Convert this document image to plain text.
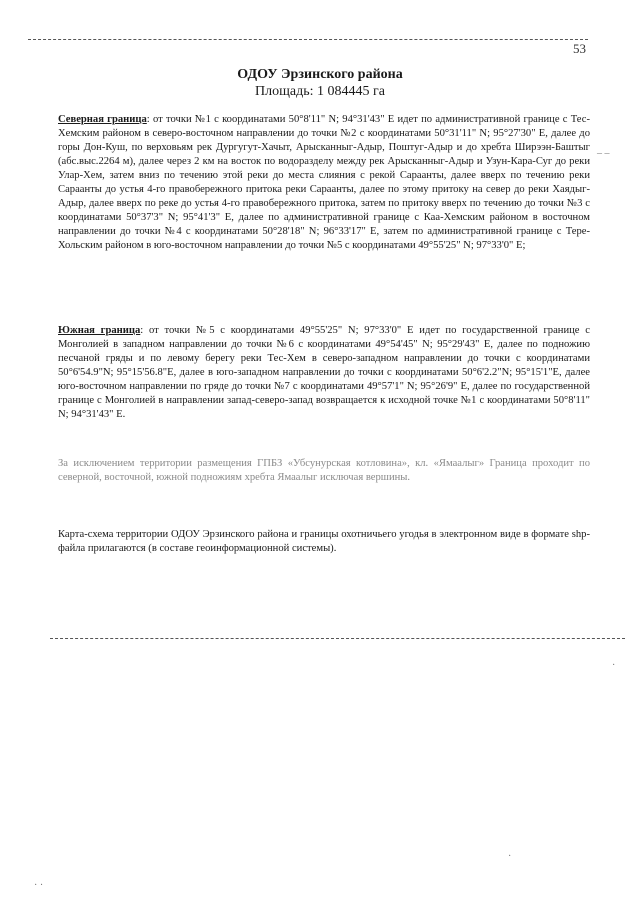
– –
·
·
· ·
53
ОДОУ Эрзинского района
Площадь: 1 084445 га

Северная граница: от точки №1 с координатами 50°8'11" N; 94°31'43" E идет по административной границе с Тес-Хемским районом в северо-восточном направлении до точки №2 с координатами 50°31'11" N; 95°27'30" E, далее до горы Дон-Куш, по верховьям рек Дургугут-Хачыт, Арысканныг-Адыр, Поштуг-Адыр и до хребта Ширээн-Баштыг (абс.выс.2264 м), далее через 2 км на восток по водоразделу между рек Арысканныг-Адыр и Узун-Кара-Суг до реки Улар-Хем, затем вниз по течению этой реки до места слияния с рекой Сараанты, далее вверх по течению реки Сараанты до устья 4-го правобережного притока реки Сараанты, далее по этому притоку на север до реки Хаядыг-Адыр, далее вверх по реке до устья 4-го правобережного притока, затем по притоку вверх по течению до точки №3 с координатами 50°37'3" N; 95°41'3" E, далее по административной границе с Каа-Хемским районом в восточном направлении до точки №4 с координатами 50°28'18" N; 96°33'17" E, затем по административной границе с Тере-Хольским районом в юго-восточном направлении до точки №5 с координатами 49°55'25" N; 97°33'0" E;

Южная граница: от точки №5 с координатами 49°55'25" N; 97°33'0" E идет по государственной границе с Монголией в западном направлении до точки №6 с координатами 49°54'45" N; 95°29'43" E, далее по подножию песчаной гряды и по левому берегу реки Тес-Хем в северо-западном направлении до точки с координатами 50°6'54.9"N; 95°15'56.8"E, далее в юго-западном направлении до точки с координатами 50°6'2.2"N; 95°15'1"E, далее юго-восточном направлении по гряде до точки №7 с координатами 49°57'1" N; 95°26'9" E, далее по государственной границе с Монголией в направлении запад-северо-запад возвращается к исходной точке №1 с координатами 50°8'11" N; 94°31'43" E.

За исключением территории размещения ГПБЗ «Убсунурская котловина», кл. «Ямаалыг» Граница проходит по северной, восточной, южной подножиям хребта Ямаалыг исключая вершины.

Карта-схема территории ОДОУ Эрзинского района и границы охотничьего угодья в электронном виде в формате shp-файла прилагаются (в составе геоинформационной системы).
